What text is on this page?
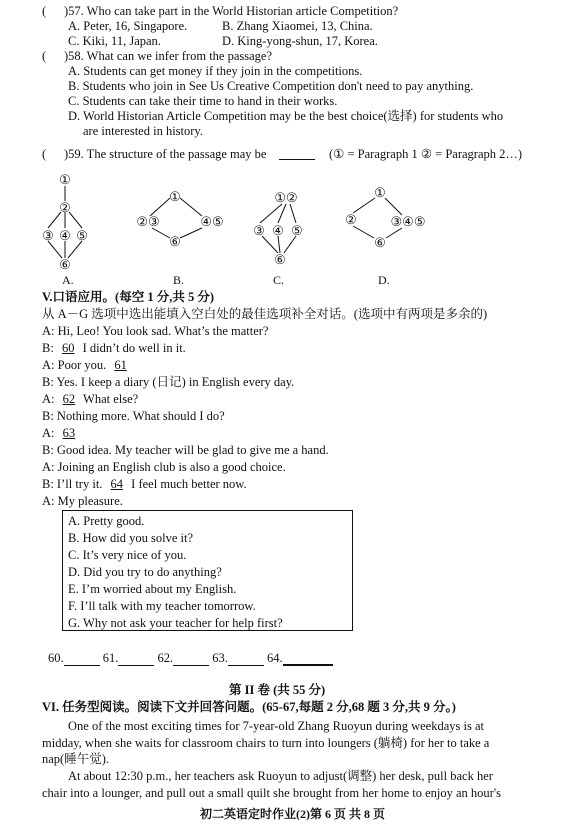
( )57. Who can take part in the World Historian article Competition?
A. Peter, 16, Singapore.	B. Zhang Xiaomei, 13, China.
C. Kiki, 11, Japan.	D. King-yong-shun, 17, Korea.
( )58. What can we infer from the passage?
A. Students can get money if they join in the competitions.
B. Students who join in See Us Creative Competition don't need to pay anything.
C. Students can take their time to hand in their works.
D. World Historian Article Competition may be the best choice(选择) for students who
are interested in history.
( )59. The structure of the passage may be	(① = Paragraph 1 ② = Paragraph 2…)
①
②
③ ④ ⑤
⑥
①
②③	④⑤
⑥
①②
③ ④ ⑤
⑥
①
②	③④⑤
⑥
A.	B.	C.	D.
V.口语应用。(每空 1 分,共 5 分)
从 A－G 选项中选出能填入空白处的最佳选项补全对话。(选项中有两项是多余的)
A: Hi, Leo! You look sad. What’s the matter?
B: 60 I didn’t do well in it.
A: Poor you. 61
B: Yes. I keep a diary (日记) in English every day.
A: 62 What else?
B: Nothing more. What should I do?
A: 63
B: Good idea. My teacher will be glad to give me a hand.
A: Joining an English club is also a good choice.
B: I’ll try it. 64 I feel much better now.
A: My pleasure.
A. Pretty good.
B. How did you solve it?
C. It’s very nice of you.
D. Did you try to do anything?
E. I’m worried about my English.
F. I’ll talk with my teacher tomorrow.
G. Why not ask your teacher for help first?
60.	61.	62.	63.	64.
第 II 卷 (共 55 分)
VI. 任务型阅读。阅读下文并回答问题。(65-67,每题 2 分,68 题 3 分,共 9 分。)
One of the most exciting times for 7-year-old Zhang Ruoyun during weekdays is at
midday, when she waits for classroom chairs to turn into loungers (躺椅) for her to take a
nap(睡午觉).
At about 12:30 p.m., her teachers ask Ruoyun to adjust(调整) her desk, pull back her
chair into a lounger, and pull out a small quilt she brought from her home to enjoy an hour's
初二英语定时作业(2)第 6 页 共 8 页
